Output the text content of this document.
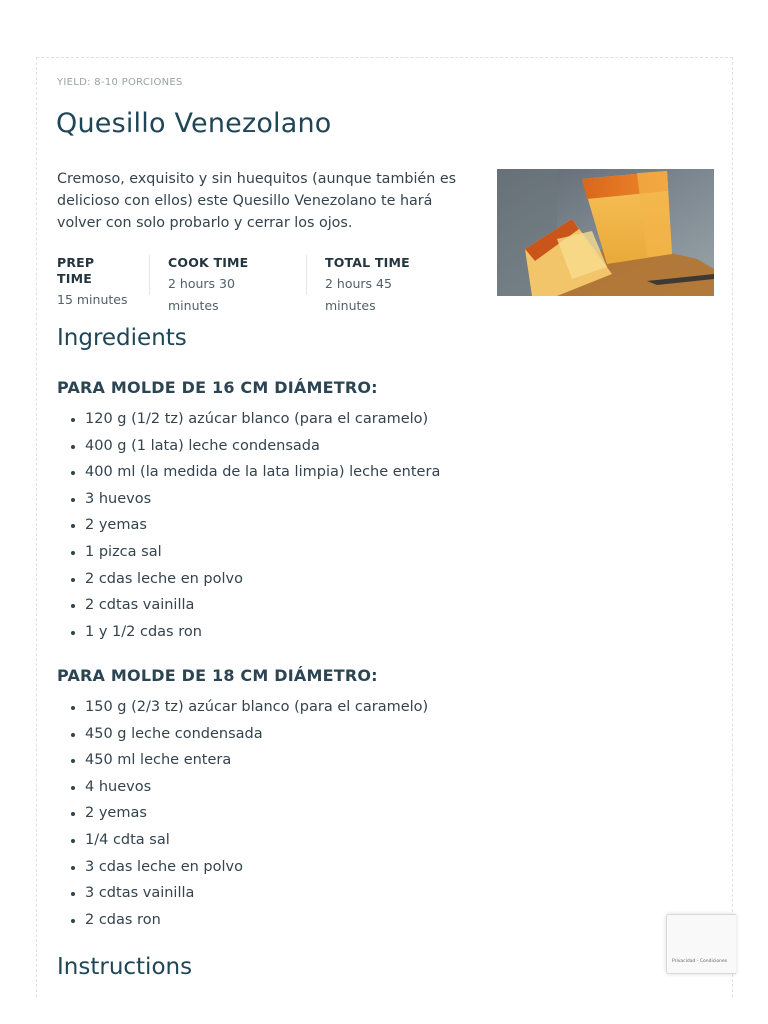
YIELD: 8-10 PORCIONES
Quesillo Venezolano

Cremoso, exquisito y sin huequitos (aunque también es delicioso con ellos) este Quesillo Venezolano te hará volver con solo probarlo y cerrar los ojos.

PREP TIME
15 minutes
COOK TIME
2 hours 30 minutes
TOTAL TIME
2 hours 45 minutes
Ingredients
PARA MOLDE DE 16 CM DIÁMETRO:
120 g (1/2 tz) azúcar blanco (para el caramelo)
400 g (1 lata) leche condensada
400 ml (la medida de la lata limpia) leche entera
3 huevos
2 yemas
1 pizca sal
2 cdas leche en polvo
2 cdtas vainilla
1 y 1/2 cdas ron
PARA MOLDE DE 18 CM DIÁMETRO:
150 g (2/3 tz) azúcar blanco (para el caramelo)
450 g leche condensada
450 ml leche entera
4 huevos
2 yemas
1/4 cdta sal
3 cdas leche en polvo
3 cdtas vainilla
2 cdas ron
Instructions	Privacidad - Condiciones
